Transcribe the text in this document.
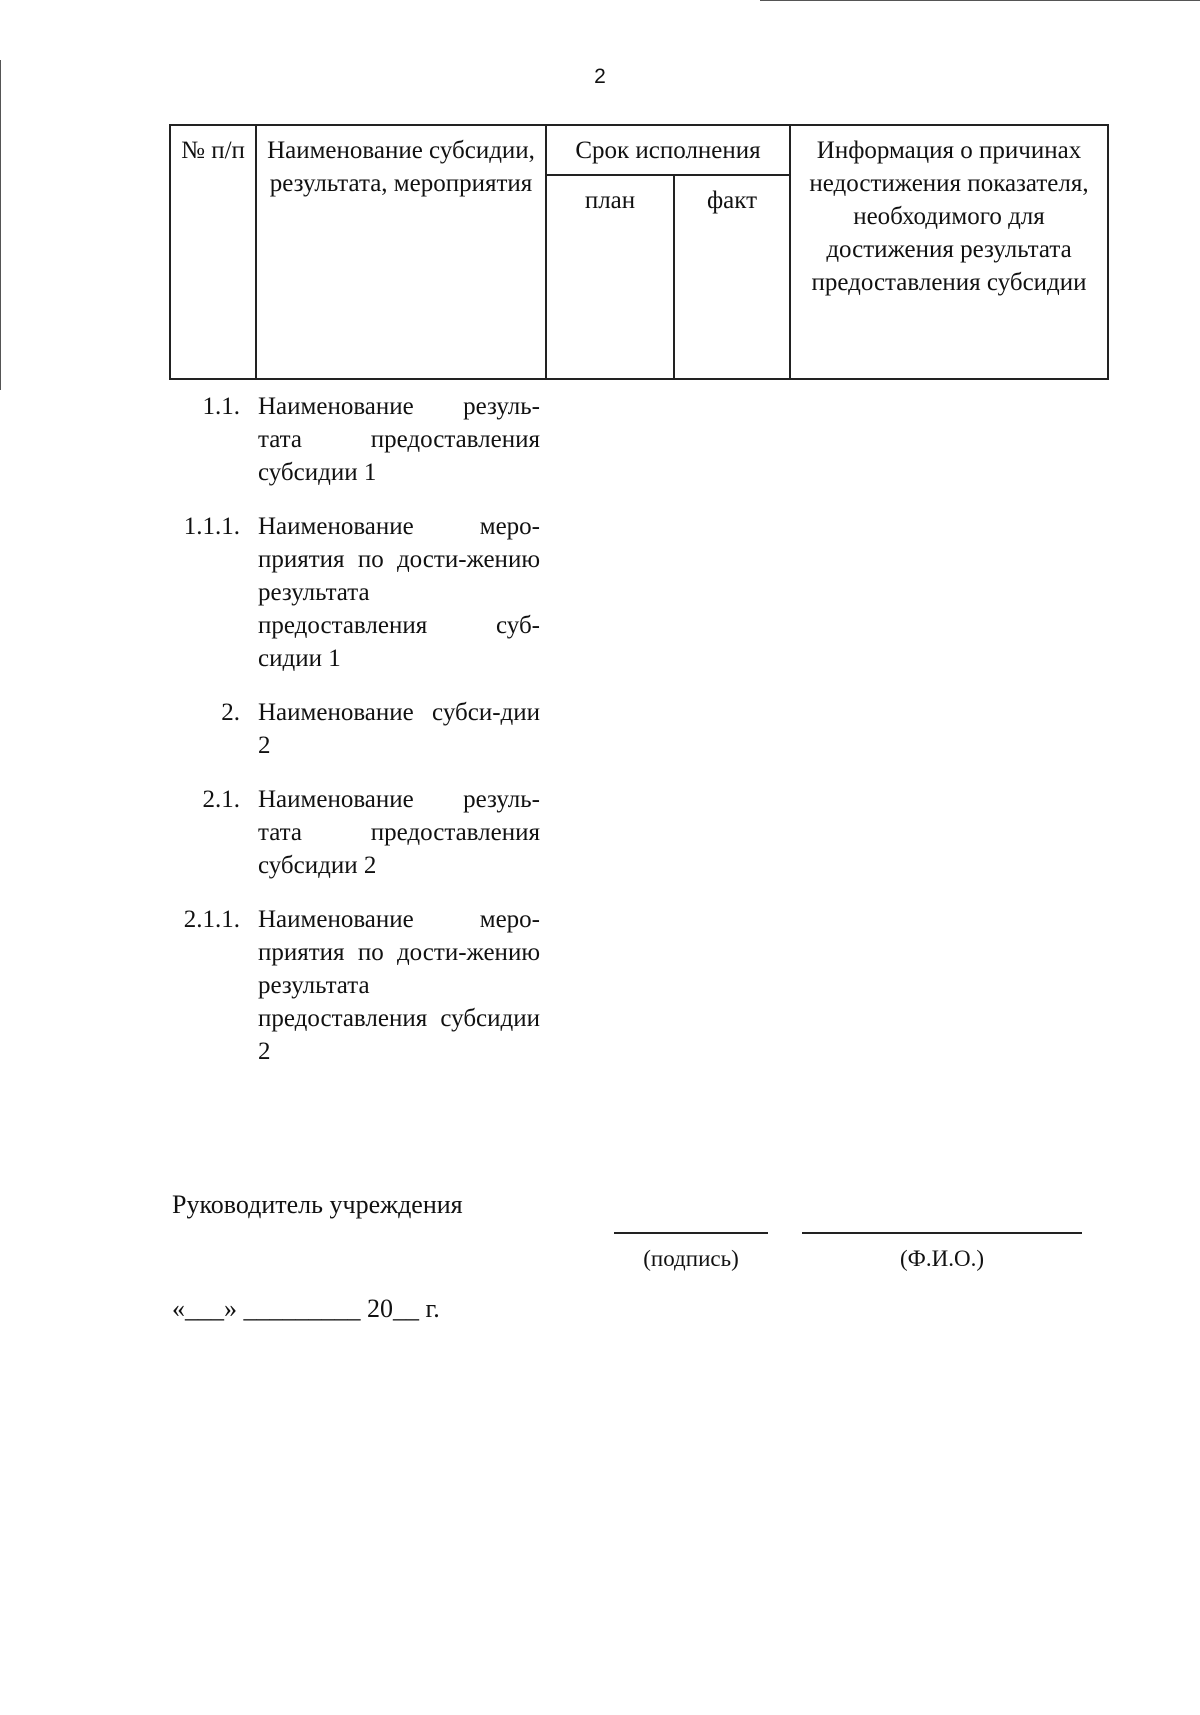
2
№ п/п	Наименование субсидии, результата, мероприятия	Срок исполнения		Информация о причинах недостижения показателя, необходимого для достижения результата предоставления субсидии
		план	факт	
1.1. Наименование резуль-тата предоставления субсидии 1
1.1.1. Наименование меро-приятия по дости-жению результата предоставления суб-сидии 1
2. Наименование субси-дии 2
2.1. Наименование резуль-тата предоставления субсидии 2
2.1.1. Наименование меро-приятия по дости-жению результата предоставления субсидии 2
Руководитель учреждения
(подпись)	(Ф.И.О.)
«___» _________ 20__ г.
